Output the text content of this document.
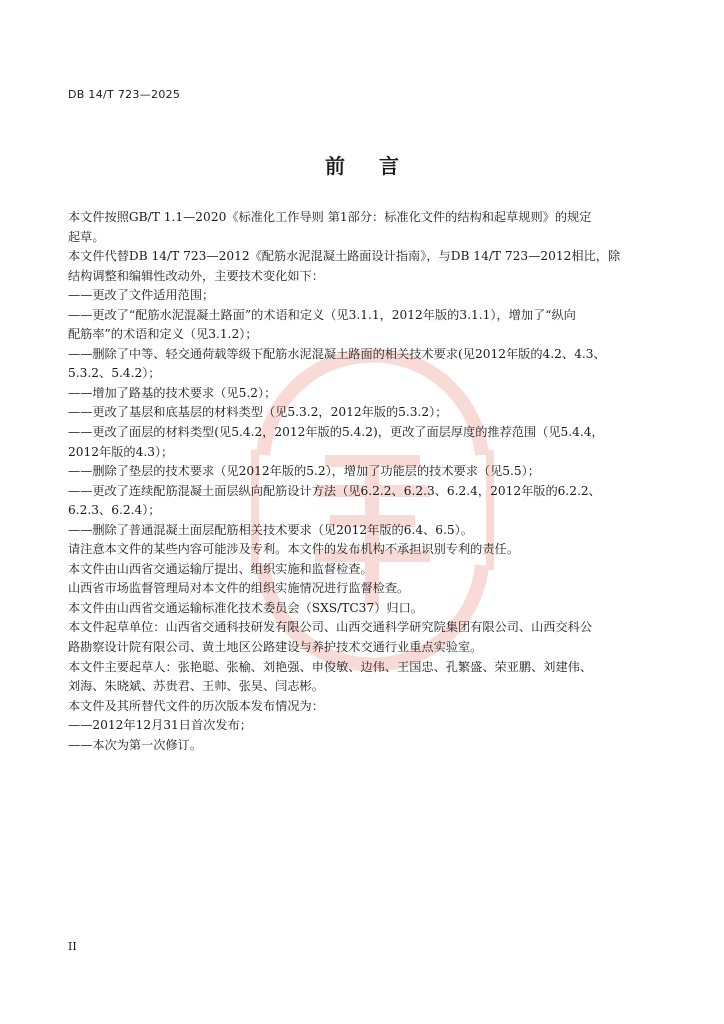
DB 14/T 723—2025
前言
本文件按照GB/T 1.1—2020《标准化工作导则 第1部分：标准化文件的结构和起草规则》的规定
起草。
本文件代替DB 14/T 723—2012《配筋水泥混凝土路面设计指南》，与DB 14/T 723—2012相比，除
结构调整和编辑性改动外，主要技术变化如下：
——更改了文件适用范围；
——更改了“配筋水泥混凝土路面”的术语和定义（见3.1.1，2012年版的3.1.1），增加了“纵向
配筋率”的术语和定义（见3.1.2）；
——删除了中等、轻交通荷载等级下配筋水泥混凝土路面的相关技术要求(见2012年版的4.2、4.3、
5.3.2、5.4.2）；
——增加了路基的技术要求（见5.2）；
——更改了基层和底基层的材料类型（见5.3.2，2012年版的5.3.2）；
——更改了面层的材料类型(见5.4.2，2012年版的5.4.2)，更改了面层厚度的推荐范围（见5.4.4，
2012年版的4.3）；
——删除了垫层的技术要求（见2012年版的5.2），增加了功能层的技术要求（见5.5）；
——更改了连续配筋混凝土面层纵向配筋设计方法（见6.2.2、6.2.3、6.2.4，2012年版的6.2.2、
6.2.3、6.2.4）；
——删除了普通混凝土面层配筋相关技术要求（见2012年版的6.4、6.5）。
请注意本文件的某些内容可能涉及专利。本文件的发布机构不承担识别专利的责任。
本文件由山西省交通运输厅提出、组织实施和监督检查。
山西省市场监督管理局对本文件的组织实施情况进行监督检查。
本文件由山西省交通运输标准化技术委员会（SXS/TC37）归口。
本文件起草单位：山西省交通科技研发有限公司、山西交通科学研究院集团有限公司、山西交科公
路勘察设计院有限公司、黄土地区公路建设与养护技术交通行业重点实验室。
本文件主要起草人：张艳聪、张榆、刘艳强、申俊敏、边伟、王国忠、孔繁盛、荣亚鹏、刘建伟、
刘海、朱晓斌、苏贵君、王帅、张昊、闫志彬。
本文件及其所替代文件的历次版本发布情况为：
——2012年12月31日首次发布；
——本次为第一次修订。
II
